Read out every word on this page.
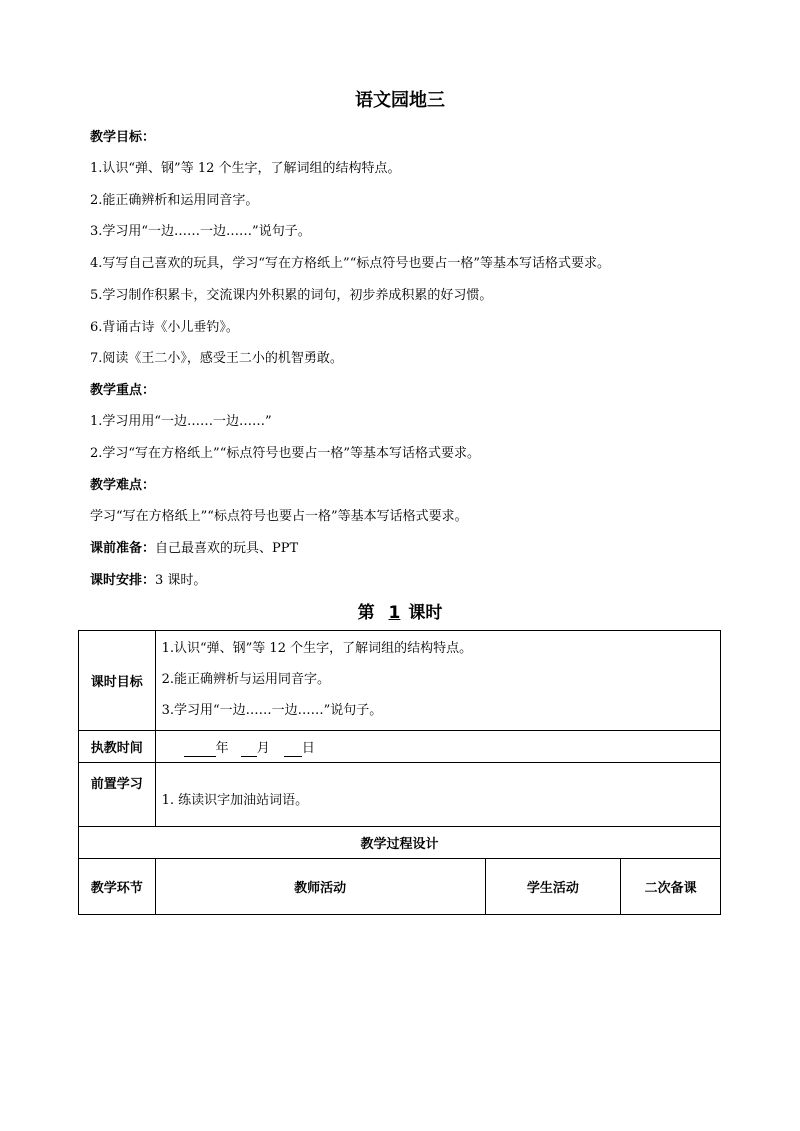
语文园地三
教学目标：
1.认识“弹、钢”等 12 个生字，了解词组的结构特点。
2.能正确辨析和运用同音字。
3.学习用“一边……一边……”说句子。
4.写写自己喜欢的玩具，学习“写在方格纸上”“标点符号也要占一格”等基本写话格式要求。
5.学习制作积累卡，交流课内外积累的词句，初步养成积累的好习惯。
6.背诵古诗《小儿垂钓》。
7.阅读《王二小》，感受王二小的机智勇敢。
教学重点：
1.学习用用“一边……一边……”
2.学习“写在方格纸上”“标点符号也要占一格”等基本写话格式要求。
教学难点：
学习“写在方格纸上”“标点符号也要占一格”等基本写话格式要求。
课前准备：自己最喜欢的玩具、PPT
课时安排：3 课时。
第 1 课时
课时目标	1.认识“弹、钢”等 12 个生字，了解词组的结构特点。
2.能正确辨析与运用同音字。
3.学习用“一边……一边……”说句子。		

执教时间	年 月 日		
前置学习	1. 练读识字加油站词语。		
教学过程设计			
教学环节	教师活动	学生活动	二次备课
